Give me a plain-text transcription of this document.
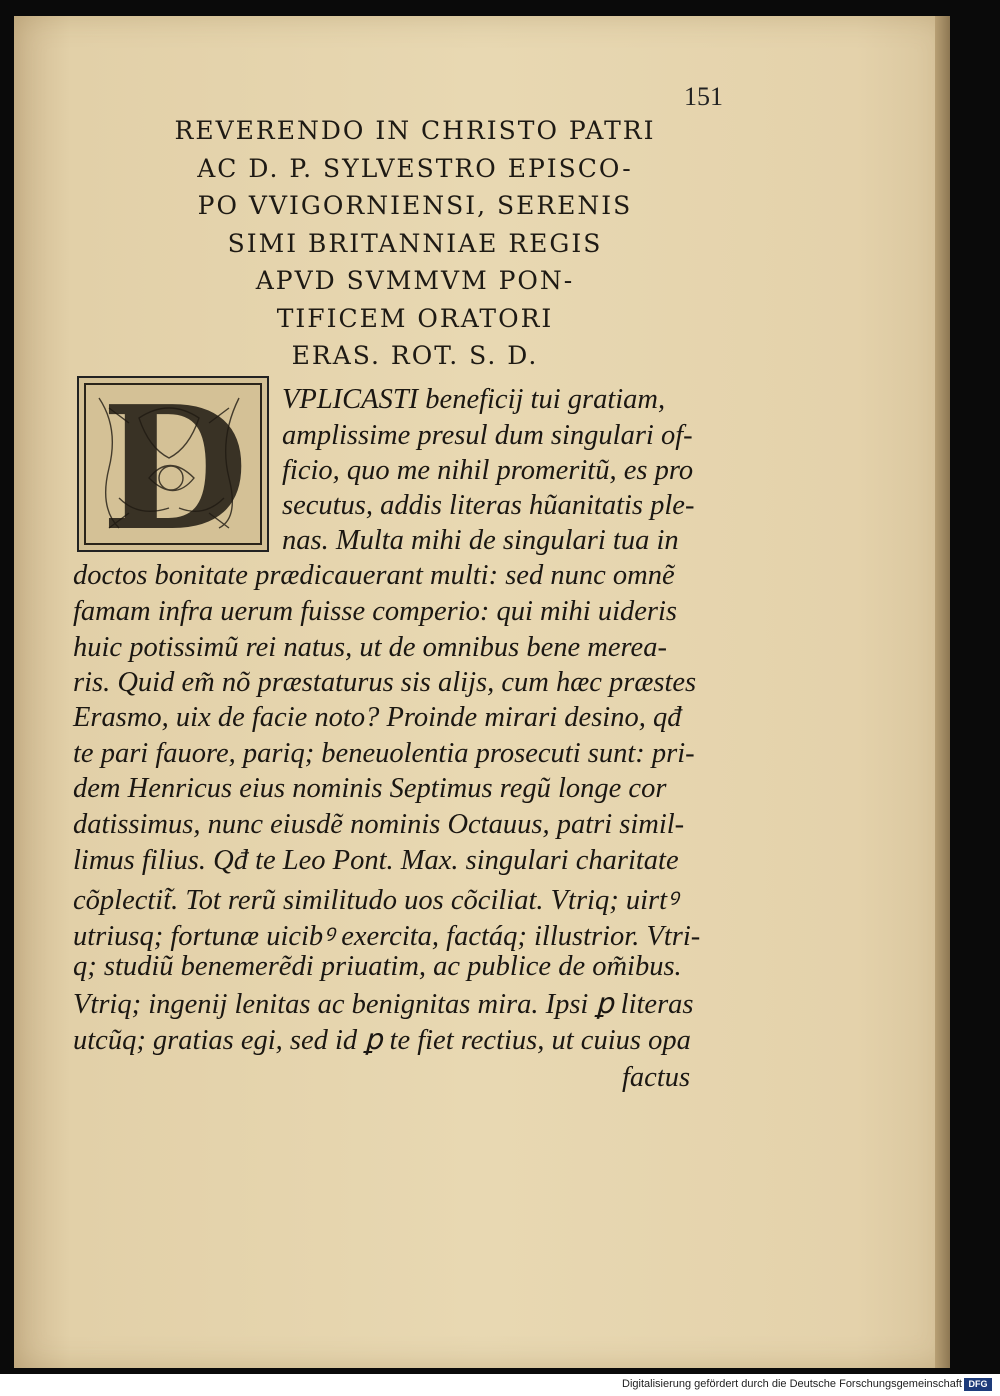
151
REVERENDO IN CHRISTO PATRI
AC D. P. SYLVESTRO EPISCO-
PO VVIGORNIENSI, SERENIS
SIMI BRITANNIAE REGIS
APVD SVMMVM PON-
TIFICEM ORATORI
ERAS. ROT. S. D.
D VPLICASTI beneficij tui gratiam,
amplissime presul dum singulari of-
ficio, quo me nihil promeritũ, es pro
secutus, addis literas hũanitatis ple-
nas. Multa mihi de singulari tua in
doctos bonitate prædicauerant multi: sed nunc omnẽ
famam infra uerum fuisse comperio: qui mihi uideris
huic potissimũ rei natus, ut de omnibus bene merea-
ris. Quid em̃ nõ præstaturus sis alijs, cum hæc præstes
Erasmo, uix de facie noto? Proinde mirari desino, qđ
te pari fauore, pariq; beneuolentia prosecuti sunt: pri-
dem Henricus eius nominis Septimus regũ longe cor
datissimus, nunc eiusdẽ nominis Octauus, patri simil-
limus filius. Qđ te Leo Pont. Max. singulari charitate
cõplectit̃. Tot rerũ similitudo uos cõciliat. Vtriq; uirtꝰ
utriusq; fortunæ uicibꝰ exercita, factáq; illustrior. Vtri-
q; studiũ benemerẽdi priuatim, ac publice de om̃ibus.
Vtriq; ingenij lenitas ac benignitas mira. Ipsi ꝑ literas
utcũq; gratias egi, sed id ꝑ te fiet rectius, ut cuius opa
factus
Digitalisierung gefördert durch die Deutsche Forschungsgemeinschaft DFG
